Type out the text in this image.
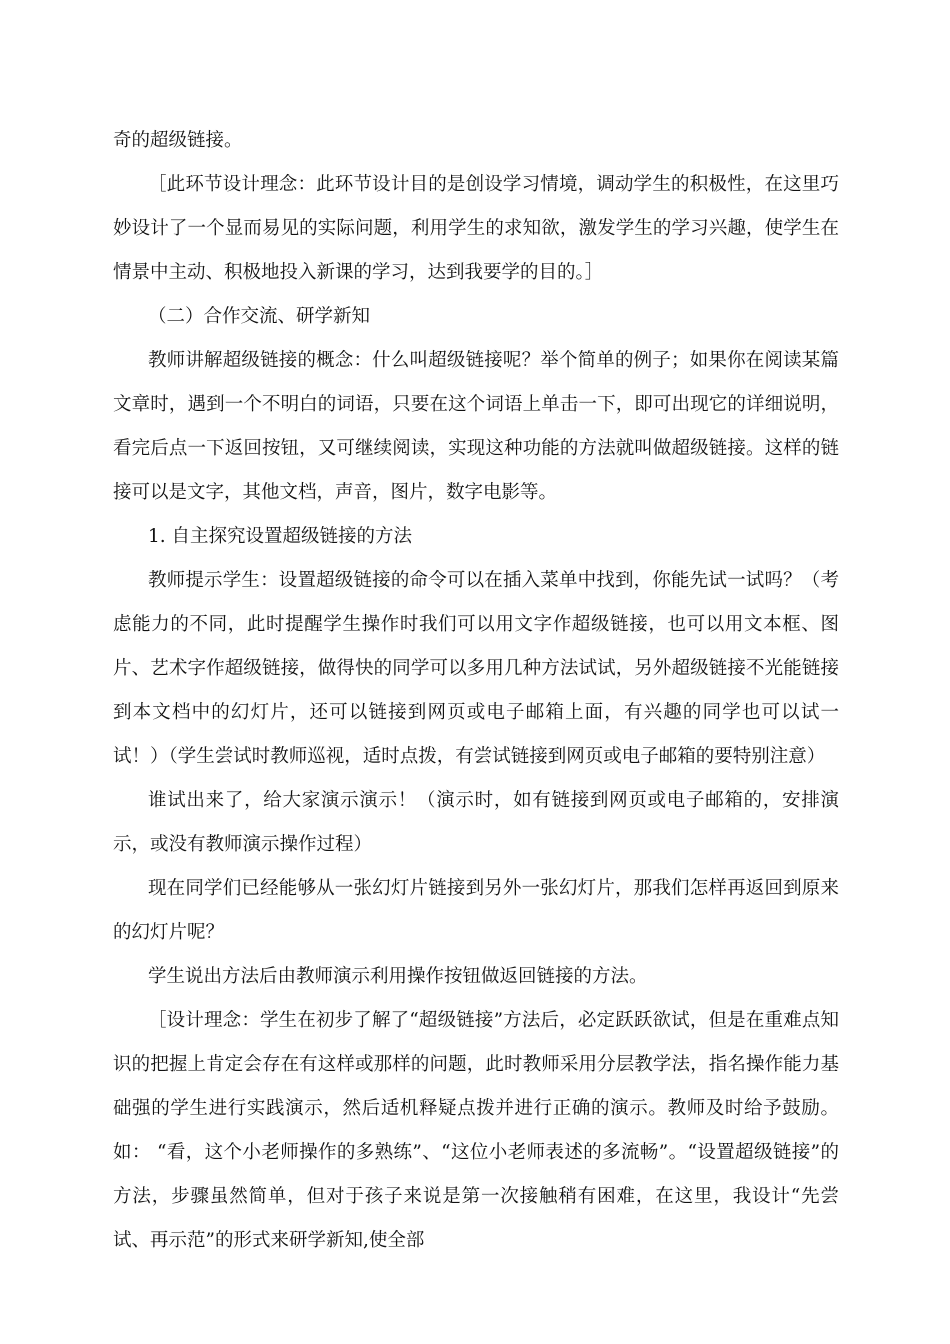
奇的超级链接。

［此环节设计理念：此环节设计目的是创设学习情境，调动学生的积极性，在这里巧妙设计了一个显而易见的实际问题，利用学生的求知欲，激发学生的学习兴趣，使学生在情景中主动、积极地投入新课的学习，达到我要学的目的。］

（二）合作交流、研学新知

教师讲解超级链接的概念：什么叫超级链接呢？举个简单的例子；如果你在阅读某篇文章时，遇到一个不明白的词语，只要在这个词语上单击一下，即可出现它的详细说明，看完后点一下返回按钮，又可继续阅读，实现这种功能的方法就叫做超级链接。这样的链接可以是文字，其他文档，声音，图片，数字电影等。

1. 自主探究设置超级链接的方法

教师提示学生：设置超级链接的命令可以在插入菜单中找到，你能先试一试吗？（考虑能力的不同，此时提醒学生操作时我们可以用文字作超级链接，也可以用文本框、图片、艺术字作超级链接，做得快的同学可以多用几种方法试试，另外超级链接不光能链接到本文档中的幻灯片，还可以链接到网页或电子邮箱上面，有兴趣的同学也可以试一试！）（学生尝试时教师巡视，适时点拨，有尝试链接到网页或电子邮箱的要特别注意）

谁试出来了，给大家演示演示！（演示时，如有链接到网页或电子邮箱的，安排演示，或没有教师演示操作过程）

现在同学们已经能够从一张幻灯片链接到另外一张幻灯片，那我们怎样再返回到原来的幻灯片呢？

学生说出方法后由教师演示利用操作按钮做返回链接的方法。

［设计理念：学生在初步了解了“超级链接”方法后，必定跃跃欲试，但是在重难点知识的把握上肯定会存在有这样或那样的问题，此时教师采用分层教学法，指名操作能力基础强的学生进行实践演示，然后适机释疑点拨并进行正确的演示。教师及时给予鼓励。如： “看，这个小老师操作的多熟练”、“这位小老师表述的多流畅”。“设置超级链接”的方法，步骤虽然简单，但对于孩子来说是第一次接触稍有困难，在这里，我设计“先尝试、再示范”的形式来研学新知,使全部
